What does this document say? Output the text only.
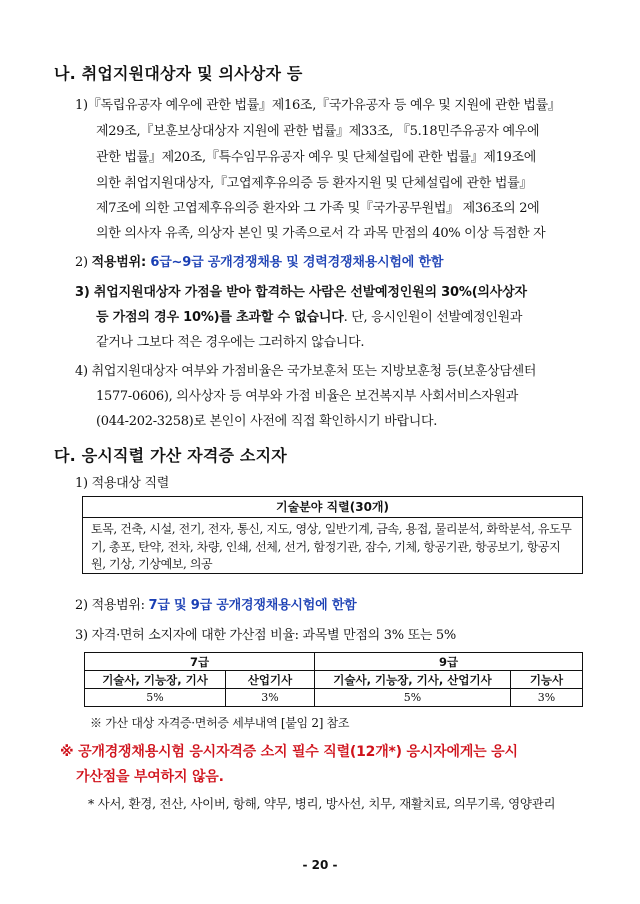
나. 취업지원대상자 및 의사상자 등
1)『독립유공자 예우에 관한 법률』제16조,『국가유공자 등 예우 및 지원에 관한 법률』
제29조,『보훈보상대상자 지원에 관한 법률』제33조, 『5.18민주유공자 예우에
관한 법률』제20조,『특수임무유공자 예우 및 단체설립에 관한 법률』제19조에
의한 취업지원대상자,『고엽제후유의증 등 환자지원 및 단체설립에 관한 법률』
제7조에 의한 고엽제후유의증 환자와 그 가족 및『국가공무원법』 제36조의 2에
의한 의사자 유족, 의상자 본인 및 가족으로서 각 과목 만점의 40% 이상 득점한 자
2) 적용범위: 6급∼9급 공개경쟁채용 및 경력경쟁채용시험에 한함
3) 취업지원대상자 가점을 받아 합격하는 사람은 선발예정인원의 30%(의사상자
등 가점의 경우 10%)를 초과할 수 없습니다. 단, 응시인원이 선발예정인원과
같거나 그보다 적은 경우에는 그러하지 않습니다.
4) 취업지원대상자 여부와 가점비율은 국가보훈처 또는 지방보훈청 등(보훈상담센터
1577-0606), 의사상자 등 여부와 가점 비율은 보건복지부 사회서비스자원과
(044-202-3258)로 본인이 사전에 직접 확인하시기 바랍니다.
다. 응시직렬 가산 자격증 소지자
1) 적용대상 직렬
기술분야 직렬(30개)
토목, 건축, 시설, 전기, 전자, 통신, 지도, 영상, 일반기계, 금속, 용접, 물리분석, 화학분석, 유도무기, 총포, 탄약, 전차, 차량, 인쇄, 선체, 선거, 함정기관, 잠수, 기체, 항공기관, 항공보기, 항공지원, 기상, 기상예보, 의공
2) 적용범위: 7급 및 9급 공개경쟁채용시험에 한함
3) 자격·면허 소지자에 대한 가산점 비율: 과목별 만점의 3% 또는 5%
7급		9급	
기술사, 기능장, 기사	산업기사	기술사, 기능장, 기사, 산업기사	기능사
5%	3%	5%	3%
※ 가산 대상 자격증·면허증 세부내역 [붙임 2] 참조
※ 공개경쟁채용시험 응시자격증 소지 필수 직렬(12개*) 응시자에게는 응시
가산점을 부여하지 않음.
* 사서, 환경, 전산, 사이버, 항해, 약무, 병리, 방사선, 치무, 재활치료, 의무기록, 영양관리
- 20 -
